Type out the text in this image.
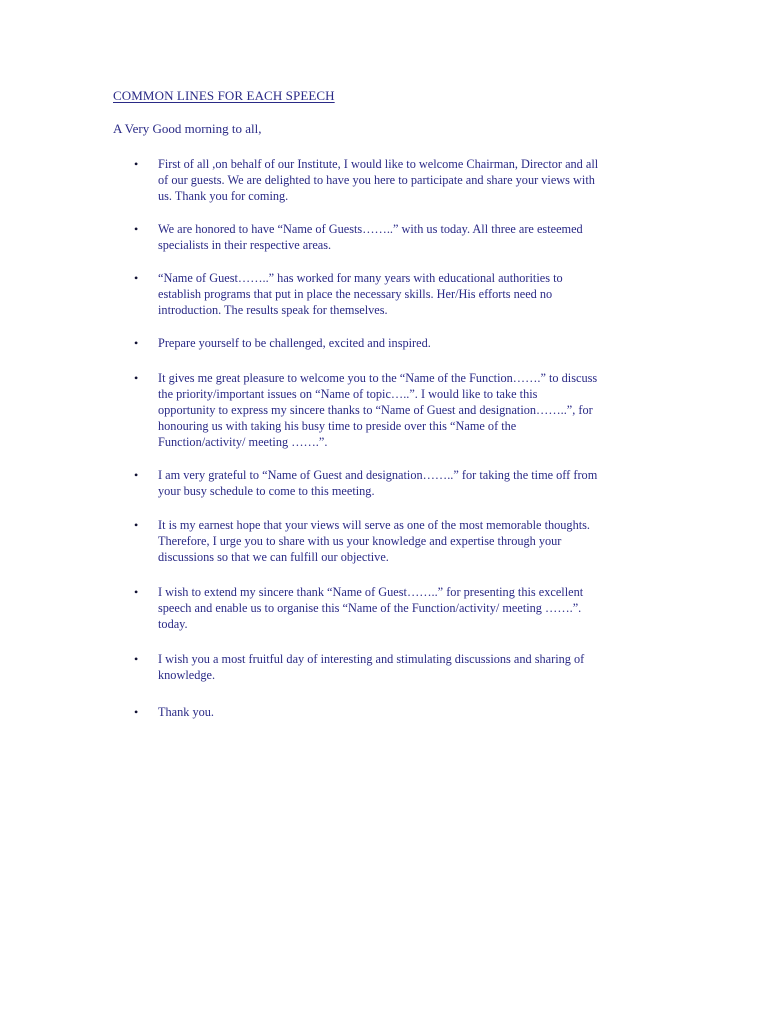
COMMON LINES FOR EACH SPEECH
A Very Good morning to all,
• First of all ,on behalf of our Institute, I would like to welcome Chairman, Director and all
of our guests. We are delighted to have you here to participate and share your views with
us. Thank you for coming.
• We are honored to have “Name of Guests……..” with us today. All three are esteemed
specialists in their respective areas.
• “Name of Guest……..” has worked for many years with educational authorities to
establish programs that put in place the necessary skills. Her/His efforts need no
introduction. The results speak for themselves.
• Prepare yourself to be challenged, excited and inspired.
• It gives me great pleasure to welcome you to the “Name of the Function…….” to discuss
the priority/important issues on “Name of topic…..”. I would like to take this
opportunity to express my sincere thanks to “Name of Guest and designation……..”, for
honouring us with taking his busy time to preside over this “Name of the
Function/activity/ meeting …….”.
• I am very grateful to “Name of Guest and designation……..” for taking the time off from
your busy schedule to come to this meeting.
• It is my earnest hope that your views will serve as one of the most memorable thoughts.
Therefore, I urge you to share with us your knowledge and expertise through your
discussions so that we can fulfill our objective.
• I wish to extend my sincere thank “Name of Guest……..” for presenting this excellent
speech and enable us to organise this “Name of the Function/activity/ meeting …….”.
today.
• I wish you a most fruitful day of interesting and stimulating discussions and sharing of
knowledge.
• Thank you.
